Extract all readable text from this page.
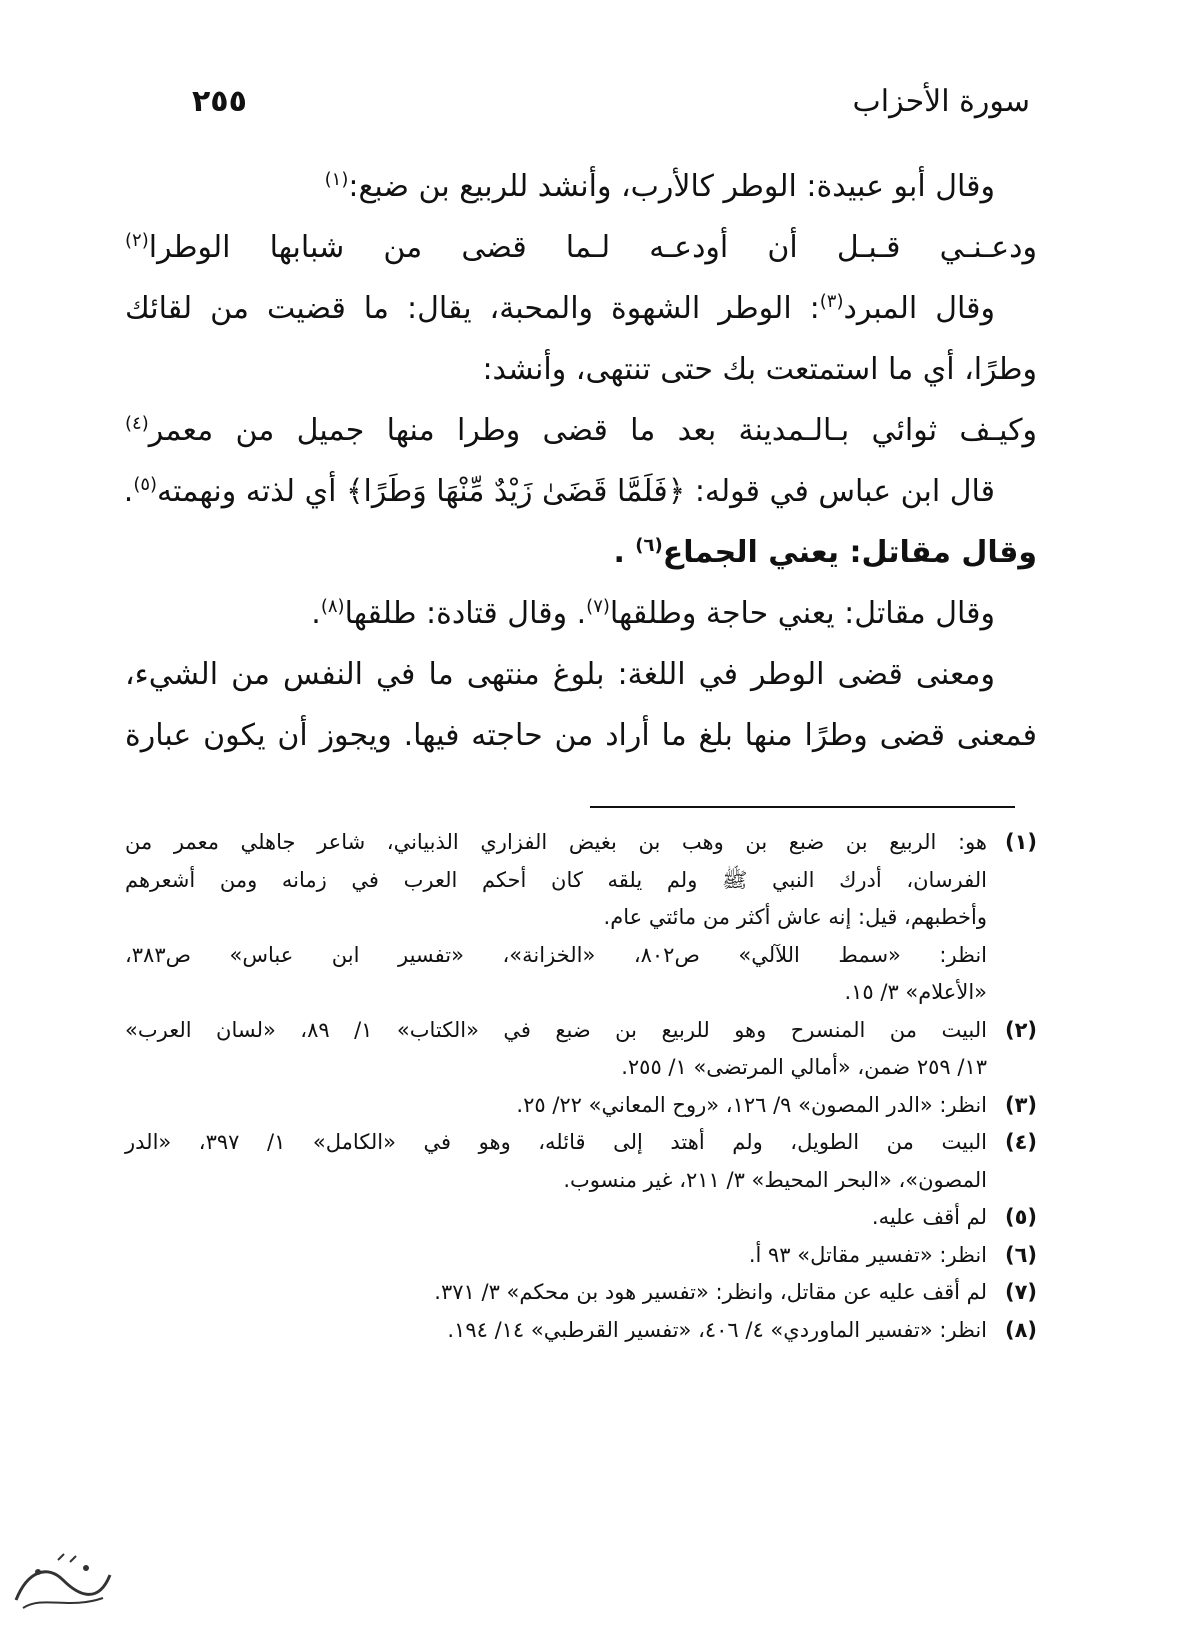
سورة الأحزاب
٢٥٥
وقال أبو عبيدة: الوطر كالأرب، وأنشد للربيع بن ضبع:$^{(١)}$
ودعـنـي قـبـل أن أودعـه لـما قضى من شبابها الوطرا$^{(٢)}$
وقال المبرد$^{(٣)}$: الوطر الشهوة والمحبة، يقال: ما قضيت من لقائك
وطرًا، أي ما استمتعت بك حتى تنتهى، وأنشد:
وكيـف ثوائي بـالـمدينة بعد ما قضى وطرا منها جميل من معمر$^{(٤)}$
قال ابن عباس في قوله: ﴿فَلَمَّا قَضَىٰ زَيْدٌ مِّنْهَا وَطَرًا﴾ أي لذته ونهمته$^{(٥)}$.
وقال مقاتل: يعني الجماع$^{(٦)}$ .
وقال مقاتل: يعني حاجة وطلقها$^{(٧)}$. وقال قتادة: طلقها$^{(٨)}$.
ومعنى قضى الوطر في اللغة: بلوغ منتهى ما في النفس من الشيء،
فمعنى قضى وطرًا منها بلغ ما أراد من حاجته فيها. ويجوز أن يكون عبارة
(١)
هو: الربيع بن ضبع بن وهب بن بغيض الفزاري الذبياني، شاعر جاهلي معمر من
الفرسان، أدرك النبي ﷺ ولم يلقه كان أحكم العرب في زمانه ومن أشعرهم
وأخطبهم، قيل: إنه عاش أكثر من مائتي عام.
انظر: «سمط اللآلي» ص٨٠٢، «الخزانة»، «تفسير ابن عباس» ص٣٨٣،
«الأعلام» ٣/ ١٥.
(٢)
البيت من المنسرح وهو للربيع بن ضبع في «الكتاب» ١/ ٨٩، «لسان العرب»
١٣/ ٢٥٩ ضمن، «أمالي المرتضى» ١/ ٢٥٥.
(٣)
انظر: «الدر المصون» ٩/ ١٢٦، «روح المعاني» ٢٢/ ٢٥.
(٤)
البيت من الطويل، ولم أهتد إلى قائله، وهو في «الكامل» ١/ ٣٩٧، «الدر
المصون»، «البحر المحيط» ٣/ ٢١١، غير منسوب.
(٥)
لم أقف عليه.
(٦)
انظر: «تفسير مقاتل» ٩٣ أ.
(٧)
لم أقف عليه عن مقاتل، وانظر: «تفسير هود بن محكم» ٣/ ٣٧١.
(٨)
انظر: «تفسير الماوردي» ٤/ ٤٠٦، «تفسير القرطبي» ١٤/ ١٩٤.
